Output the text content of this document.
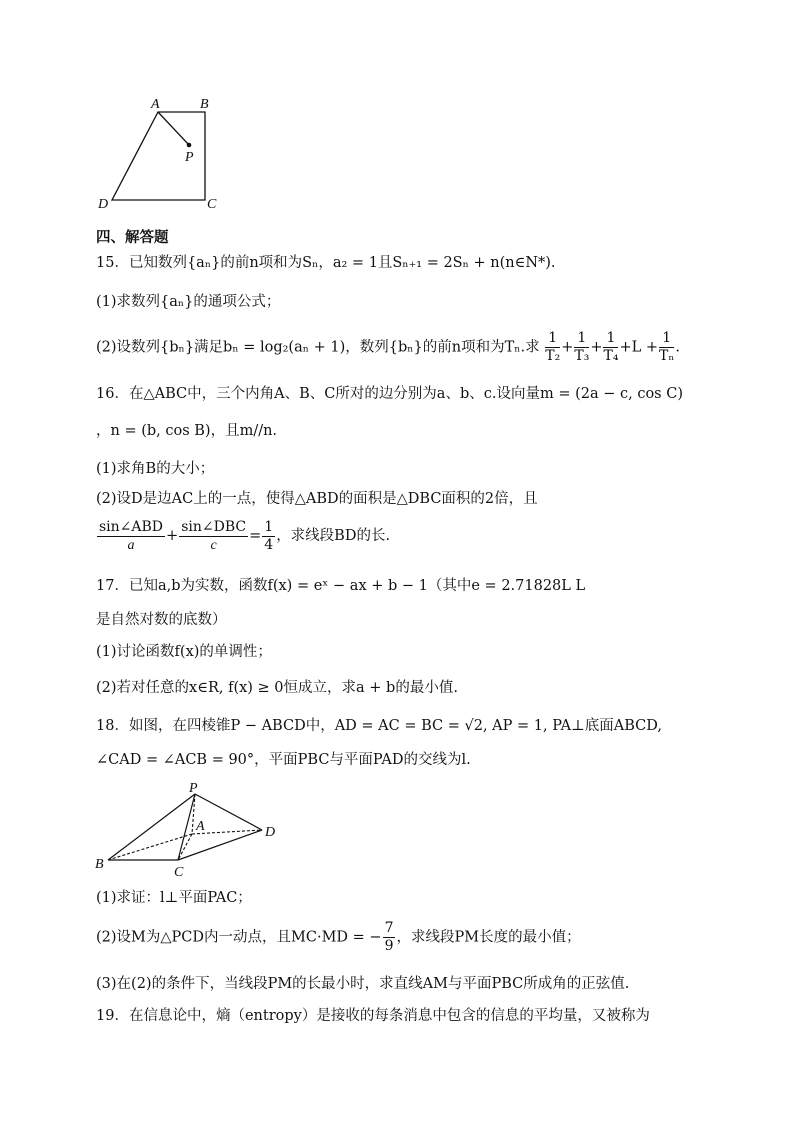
A	B
P
D	C
四、解答题
15．已知数列{aₙ}的前n项和为Sₙ，a₂ = 1且Sₙ₊₁ = 2Sₙ + n(n∈N*).
(1)求数列{aₙ}的通项公式；
(2)设数列{bₙ}满足bₙ = log₂(aₙ + 1)，数列{bₙ}的前n项和为Tₙ.求 $\frac{1}{\text{T₂}} + \frac{1}{\text{T₃}} + \frac{1}{\text{T₄}} +L + \frac{1}{\text{Tₙ}}$ .
16．在△ABC中，三个内角A、B、C所对的边分别为a、b、c.设向量m = (2a − c, cos C)
，n = (b, cos B)，且m//n.
(1)求角B的大小；
(2)设D是边AC上的一点，使得△ABD的面积是△DBC面积的2倍，且
$\frac{\text{sin∠ABD}}{a} + \frac{\text{sin∠DBC}}{c} = \frac{1}{4}$ ，求线段BD的长.
17．已知a,b为实数，函数f(x) = eˣ − ax + b − 1（其中e = 2.71828L L
是自然对数的底数）
(1)讨论函数f(x)的单调性；
(2)若对任意的x∈R, f(x) ≥ 0恒成立，求a + b的最小值.
18．如图，在四棱锥P − ABCD中，AD = AC = BC = √2, AP = 1, PA⊥底面ABCD,
∠CAD = ∠ACB = 90°，平面PBC与平面PAD的交线为l.
P
A	D
B
C
(1)求证：l⊥平面PAC；
(2)设M为△PCD内一动点，且MC·MD = − $\frac{7}{9}$ ，求线段PM长度的最小值；
(3)在(2)的条件下，当线段PM的长最小时，求直线AM与平面PBC所成角的正弦值.
19．在信息论中，熵（entropy）是接收的每条消息中包含的信息的平均量，又被称为
